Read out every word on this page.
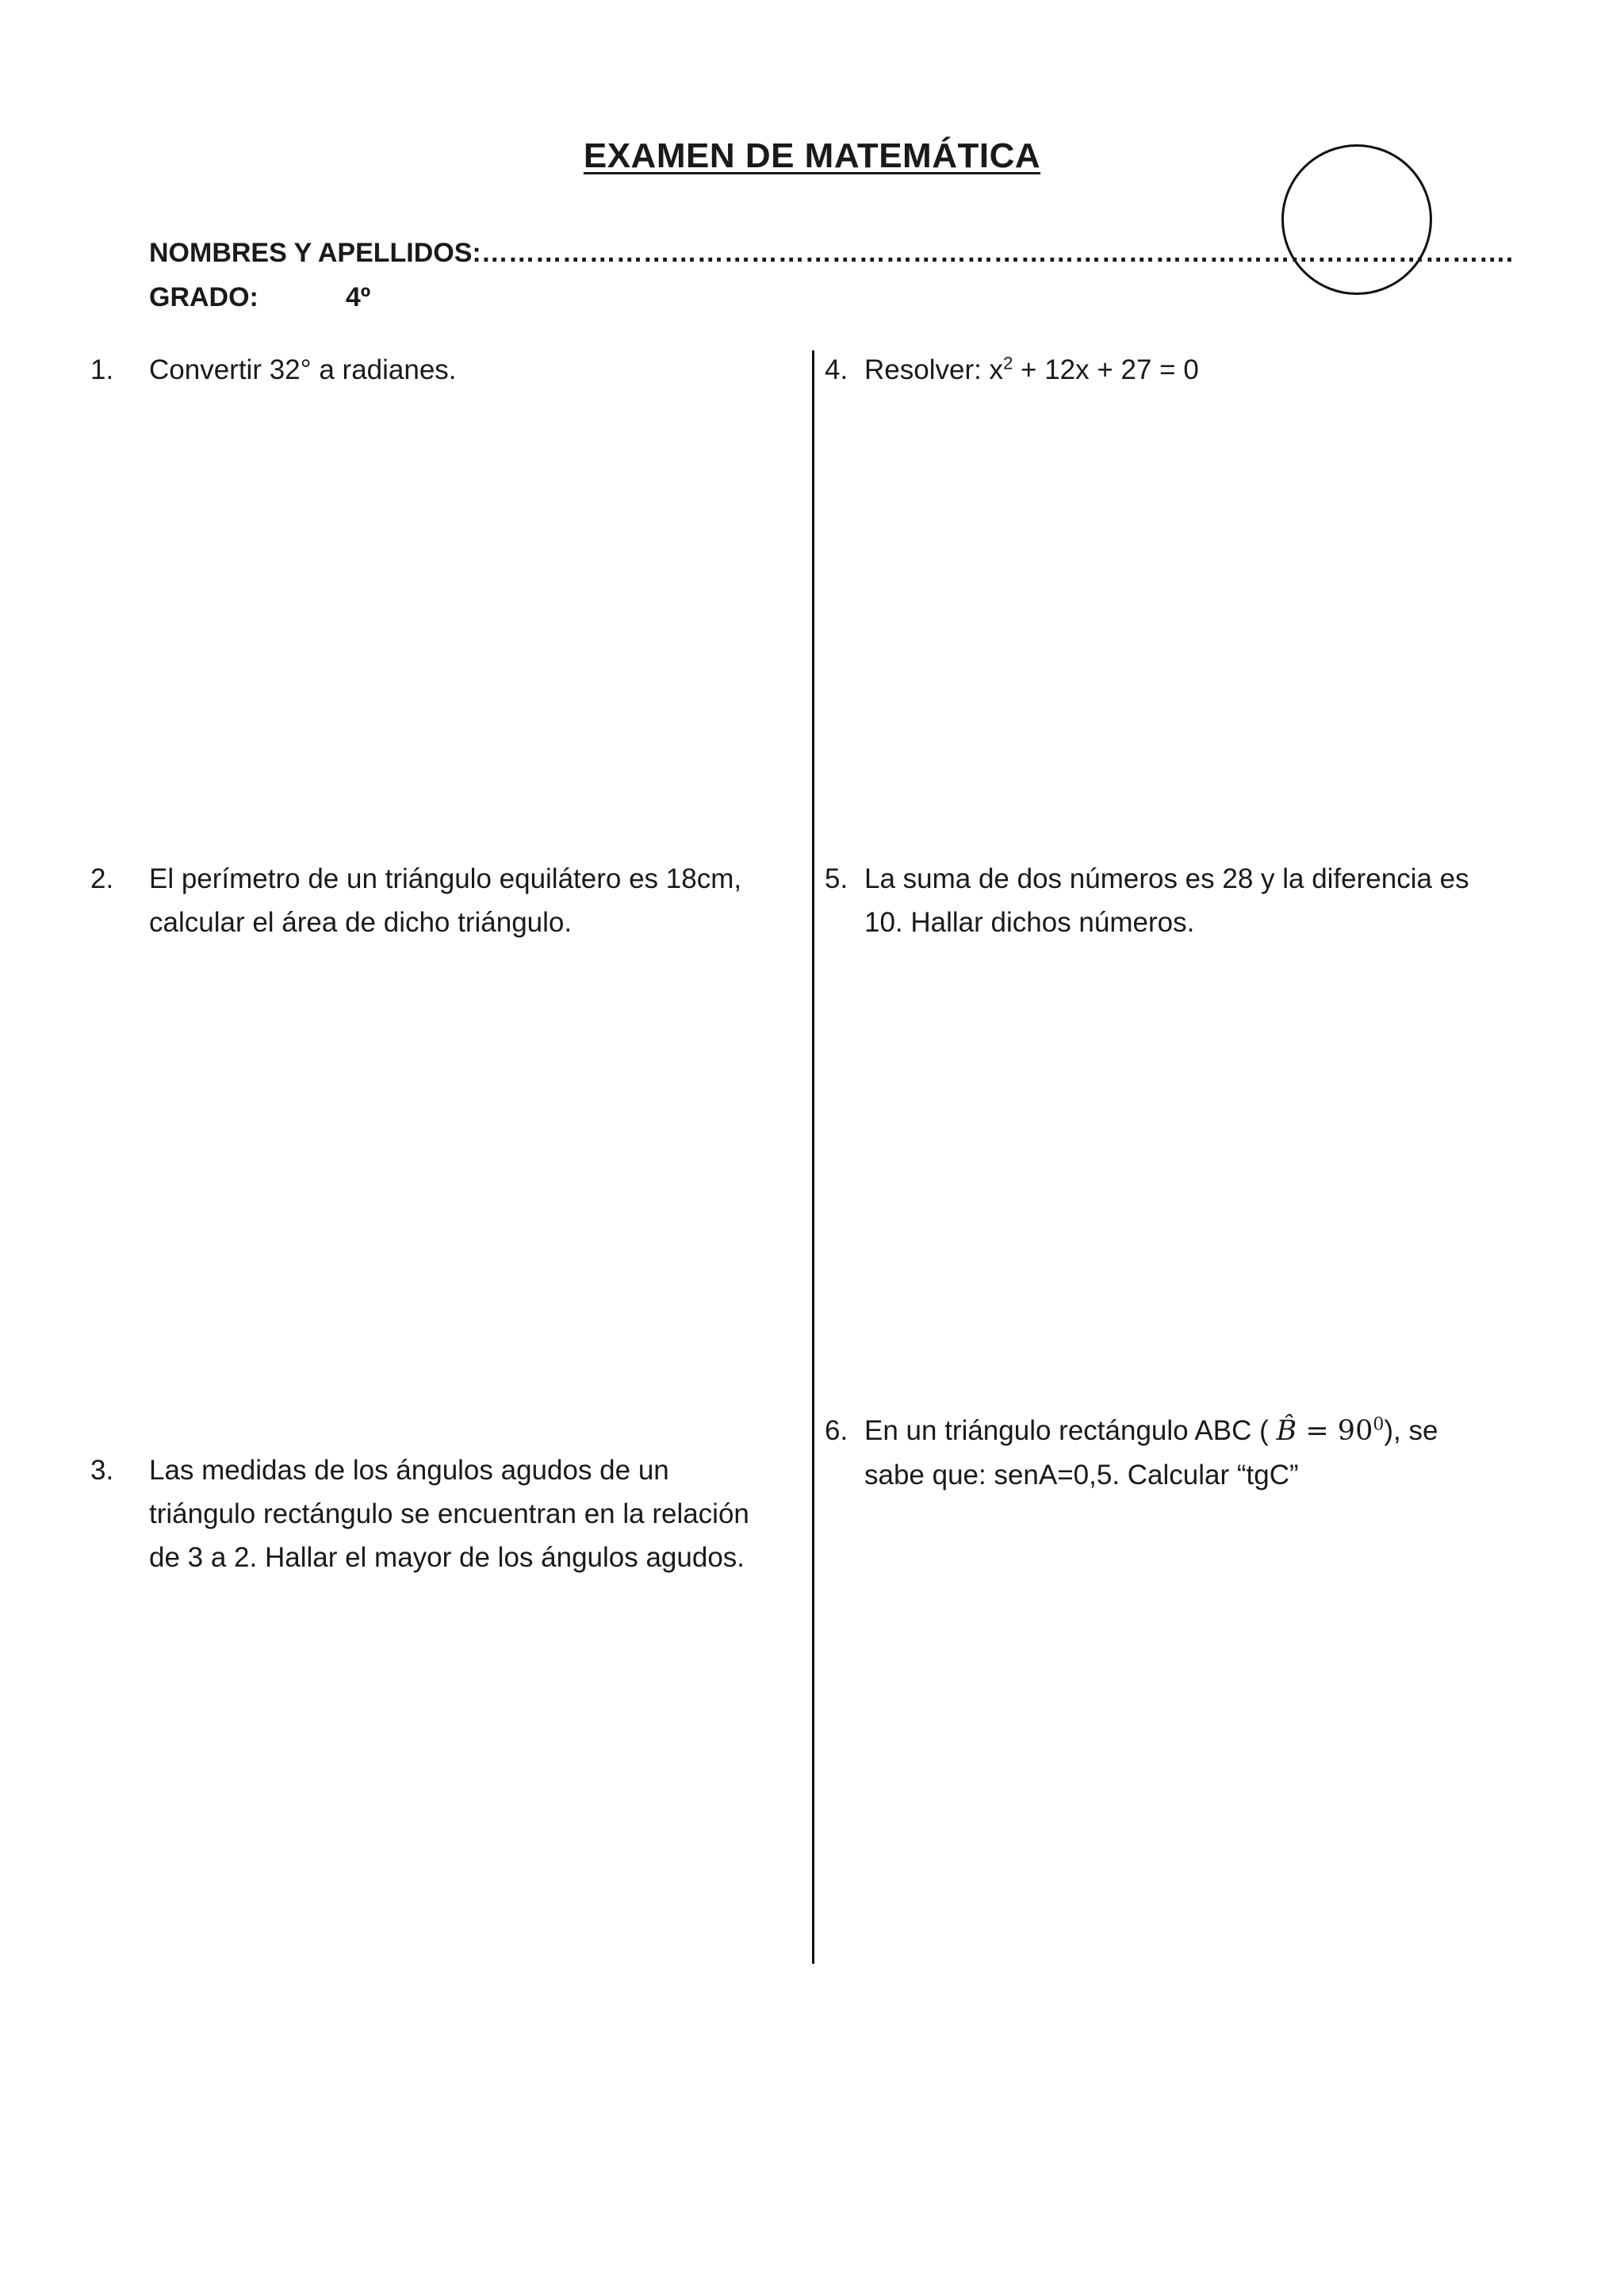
EXAMEN DE MATEMÁTICA
NOMBRES Y APELLIDOS:…………………………………………………………………………………………………….
GRADO:	4º
1. Convertir 32° a radianes.
2. El perímetro de un triángulo equilátero es 18cm,
calcular el área de dicho triángulo.
3. Las medidas de los ángulos agudos de un
triángulo rectángulo se encuentran en la relación
de 3 a 2. Hallar el mayor de los ángulos agudos.
4. Resolver: $x^2 + 12x + 27 = 0$
5. La suma de dos números es 28 y la diferencia es
10. Hallar dichos números.
6. En un triángulo rectángulo ABC ( B̂ = $90^0$), se
sabe que: senA=0,5. Calcular “tgC”
